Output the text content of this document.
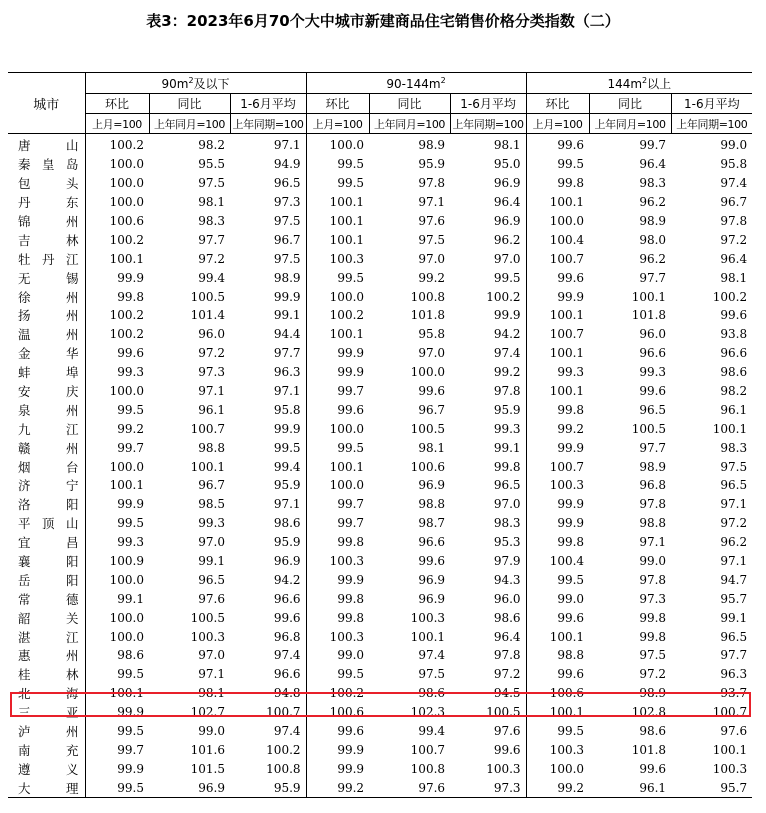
表3：2023年6月70个大中城市新建商品住宅销售价格分类指数（二）
城市	$90m^2$及以下			$90-144m^2$			$144m^2$以上		
	环比	同比	1-6月平均	环比	同比	1-6月平均	环比	同比	1-6月平均
	上月=100	上年同月=100	上年同期=100	上月=100	上年同月=100	上年同期=100	上月=100	上年同月=100	上年同期=100
唐山	100.2	98.2	97.1	100.0	98.9	98.1	99.6	99.7	99.0
秦皇岛	100.0	95.5	94.9	99.5	95.9	95.0	99.5	96.4	95.8
包头	100.0	97.5	96.5	99.5	97.8	96.9	99.8	98.3	97.4
丹东	100.0	98.1	97.3	100.1	97.1	96.4	100.1	96.2	96.7
锦州	100.6	98.3	97.5	100.1	97.6	96.9	100.0	98.9	97.8
吉林	100.2	97.7	96.7	100.1	97.5	96.2	100.4	98.0	97.2
牡丹江	100.1	97.2	97.5	100.3	97.0	97.0	100.7	96.2	96.4
无锡	99.9	99.4	98.9	99.5	99.2	99.5	99.6	97.7	98.1
徐州	99.8	100.5	99.9	100.0	100.8	100.2	99.9	100.1	100.2
扬州	100.2	101.4	99.1	100.2	101.8	99.9	100.1	101.8	99.6
温州	100.2	96.0	94.4	100.1	95.8	94.2	100.7	96.0	93.8
金华	99.6	97.2	97.7	99.9	97.0	97.4	100.1	96.6	96.6
蚌埠	99.3	97.3	96.3	99.9	100.0	99.2	99.3	99.3	98.6
安庆	100.0	97.1	97.1	99.7	99.6	97.8	100.1	99.6	98.2
泉州	99.5	96.1	95.8	99.6	96.7	95.9	99.8	96.5	96.1
九江	99.2	100.7	99.9	100.0	100.5	99.3	99.2	100.5	100.1
赣州	99.7	98.8	99.5	99.5	98.1	99.1	99.9	97.7	98.3
烟台	100.0	100.1	99.4	100.1	100.6	99.8	100.7	98.9	97.5
济宁	100.1	96.7	95.9	100.0	96.9	96.5	100.3	96.8	96.5
洛阳	99.9	98.5	97.1	99.7	98.8	97.0	99.9	97.8	97.1
平顶山	99.5	99.3	98.6	99.7	98.7	98.3	99.9	98.8	97.2
宜昌	99.3	97.0	95.9	99.8	96.6	95.3	99.8	97.1	96.2
襄阳	100.9	99.1	96.9	100.3	99.6	97.9	100.4	99.0	97.1
岳阳	100.0	96.5	94.2	99.9	96.9	94.3	99.5	97.8	94.7
常德	99.1	97.6	96.6	99.8	96.9	96.0	99.0	97.3	95.7
韶关	100.0	100.5	99.6	99.8	100.3	98.6	99.6	99.8	99.1
湛江	100.0	100.3	96.8	100.3	100.1	96.4	100.1	99.8	96.5
惠州	98.6	97.0	97.4	99.0	97.4	97.8	98.8	97.5	97.7
桂林	99.5	97.1	96.6	99.5	97.5	97.2	99.6	97.2	96.3
北海	100.1	98.1	94.8	100.2	98.6	94.5	100.6	98.9	93.7
三亚	99.9	102.7	100.7	100.6	102.3	100.5	100.1	102.8	100.7
泸州	99.5	99.0	97.4	99.6	99.4	97.6	99.5	98.6	97.6
南充	99.7	101.6	100.2	99.9	100.7	99.6	100.3	101.8	100.1
遵义	99.9	101.5	100.8	99.9	100.8	100.3	100.0	99.6	100.3
大理	99.5	96.9	95.9	99.2	97.6	97.3	99.2	96.1	95.7
